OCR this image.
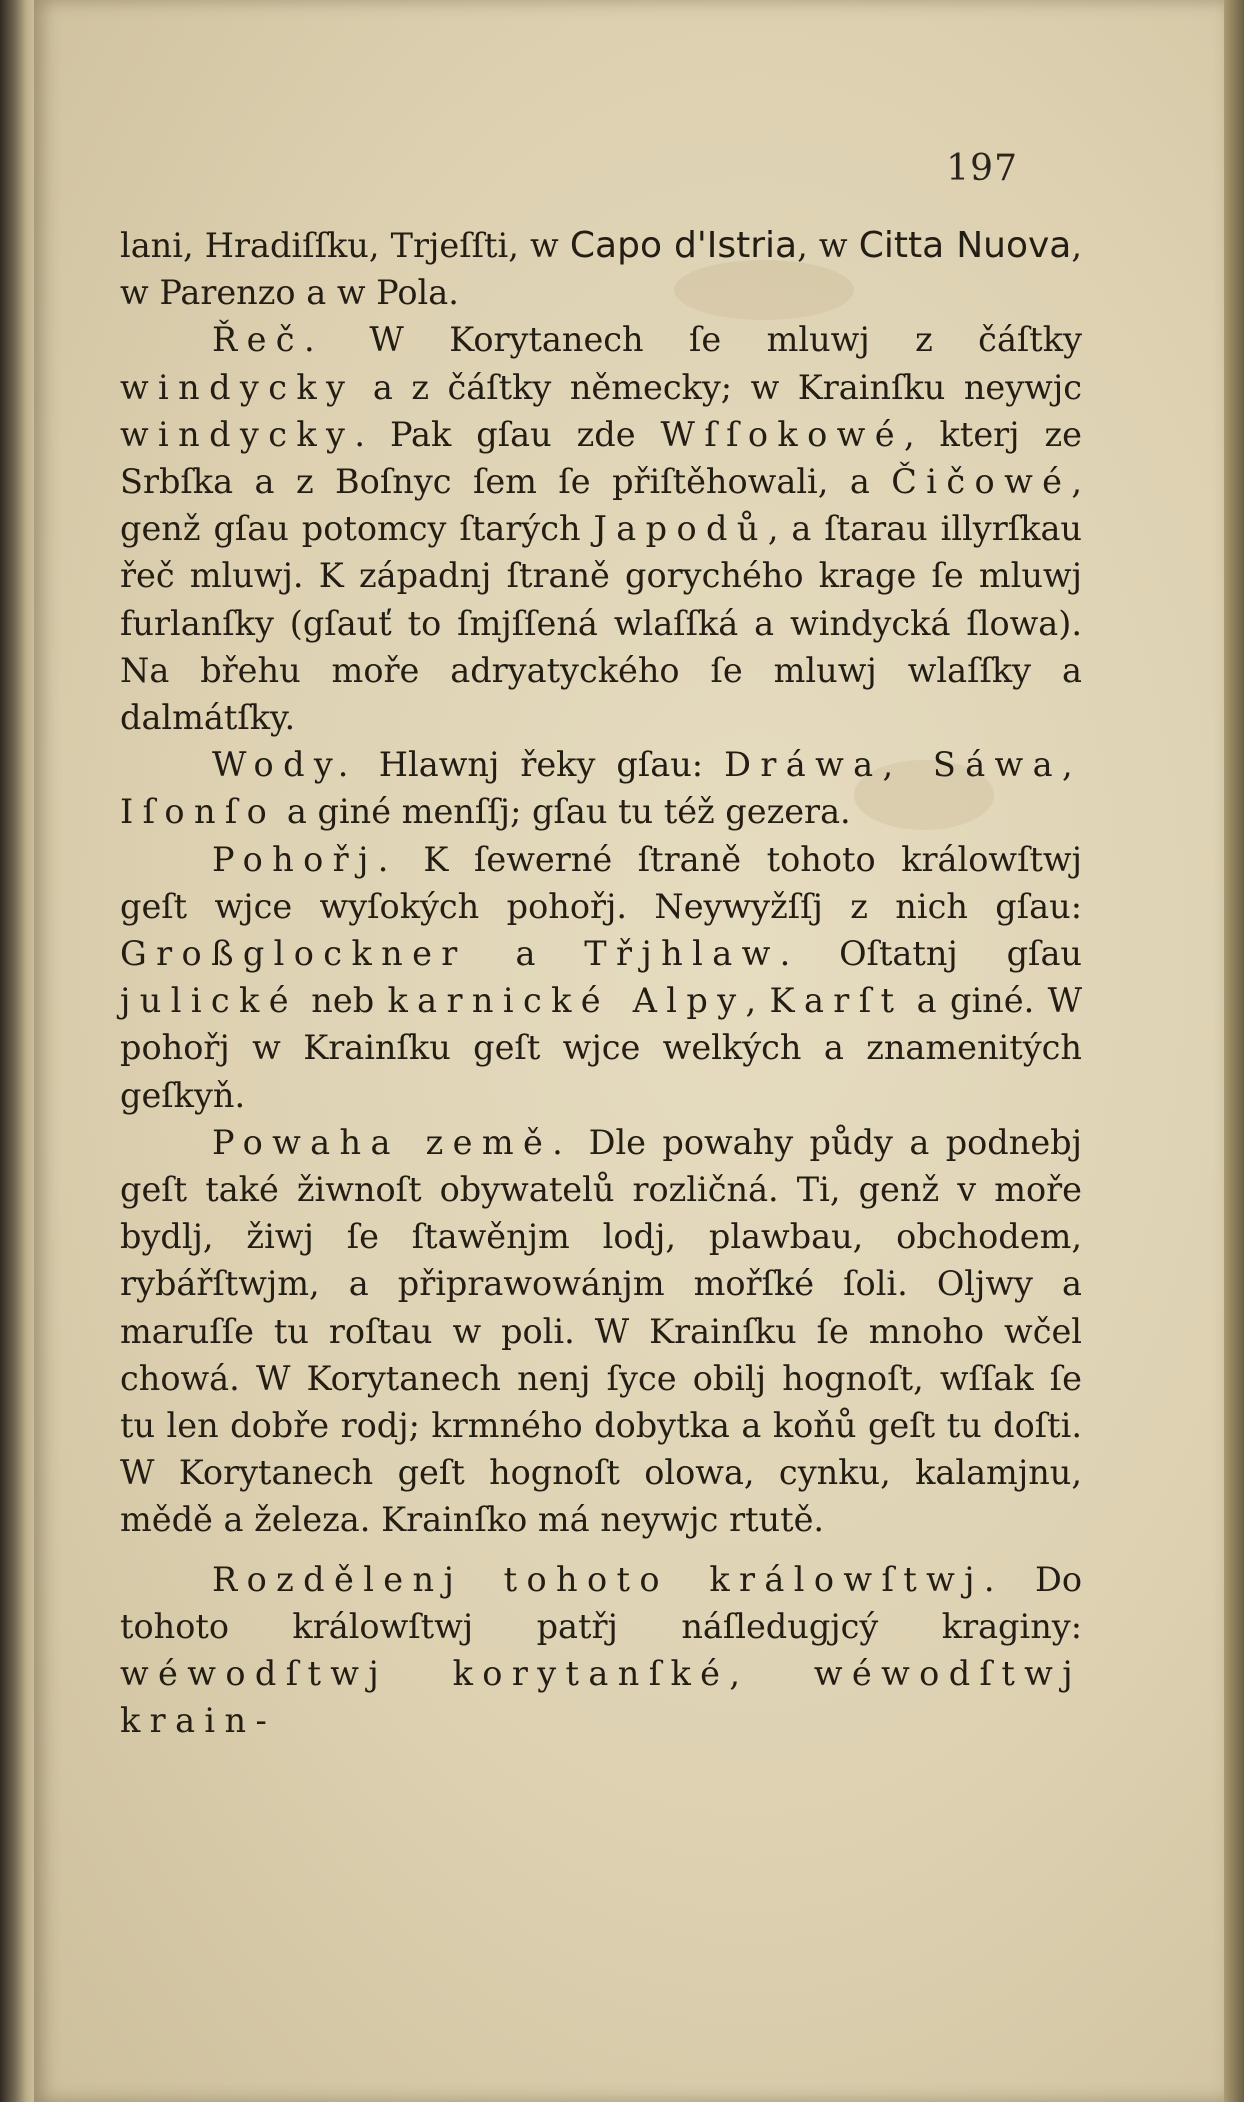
197

lani, Hradiſſku, Trjeſſti, w Capo d'Istria, w Citta Nuova, w Parenzo a w Pola.

Řeč. W Korytanech ſe mluwj z čáſtky windycky a z čáſtky německy; w Krainſku neywjc windycky. Pak gſau zde Wſſokowé, kterj ze Srbſka a z Boſnyc ſem ſe přiſtěhowali, a Čičowé, genž gſau potomcy ſtarých Japodů, a ſtarau illyrſkau řeč mluwj. K západnj ſtraně gorychého krage ſe mluwj furlanſky (gſauť to ſmjſſená wlaſſká a windycká ſlowa). Na břehu moře adryatyckého ſe mluwj wlaſſky a dalmátſky.

Wody. Hlawnj řeky gſau: Dráwa, Sáwa, Iſonſo a giné menſſj; gſau tu též gezera.

Pohořj. K ſewerné ſtraně tohoto králowſtwj geſt wjce wyſokých pohořj. Neywyžſſj z nich gſau: Großglockner a Třjhlaw. Oſtatnj gſau julické neb karnické Alpy, Karſt a giné. W pohořj w Krainſku geſt wjce welkých a znamenitých geſkyň.

Powaha země. Dle powahy půdy a podnebj geſt také žiwnoſt obywatelů rozličná. Ti, genž v moře bydlj, žiwj ſe ſtawěnjm lodj, plawbau, obchodem, rybářſtwjm, a připrawowánjm mořſké ſoli. Oljwy a maruſſe tu roſtau w poli. W Krainſku ſe mnoho wčel chowá. W Korytanech nenj ſyce obilj hognoſt, wſſak ſe tu len dobře rodj; krmného dobytka a koňů geſt tu doſti. W Korytanech geſt hognoſt olowa, cynku, kalamjnu, mědě a železa. Krainſko má neywjc rtutě.

Rozdělenj tohoto králowſtwj. Do tohoto králowſtwj patřj náſledugjcý kraginy: wéwodſtwj korytanſké, wéwodſtwj krain-
